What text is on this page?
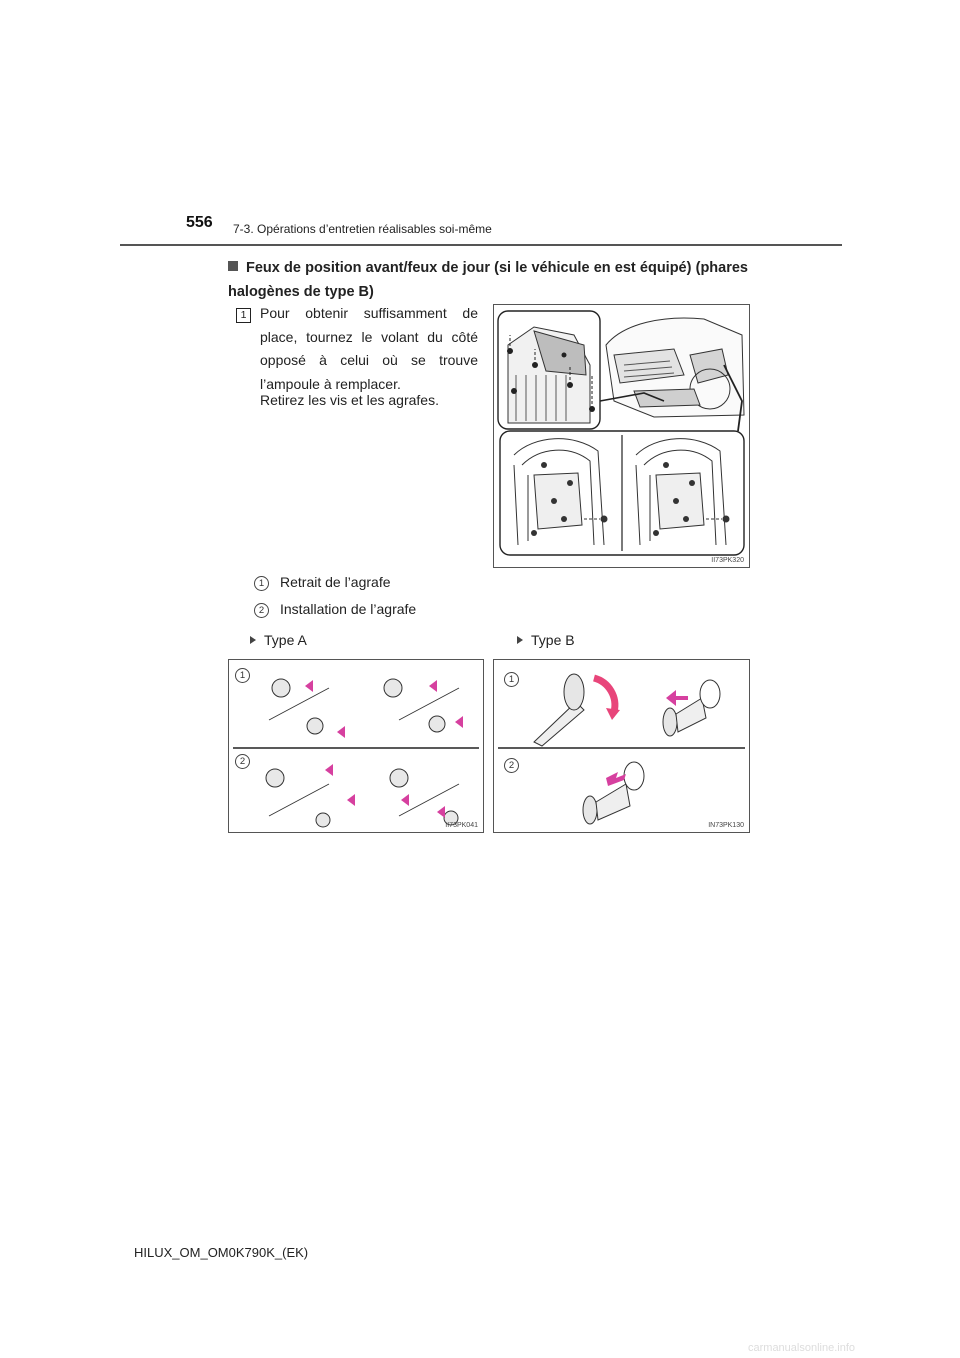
556 7-3. Opérations d’entretien réalisables soi-même
Feux de position avant/feux de jour (si le véhicule en est équipé) (phares halogènes de type B)
1 Pour obtenir suffisamment de place, tournez le volant du côté opposé à celui où se trouve l’ampoule à remplacer.
Retirez les vis et les agrafes.
II73PK320
1 Retrait de l’agrafe
2 Installation de l’agrafe
Type A	Type B
1
2
II73PK041
1
2
IN73PK130
HILUX_OM_OM0K790K_(EK)
carmanualsonline.info
